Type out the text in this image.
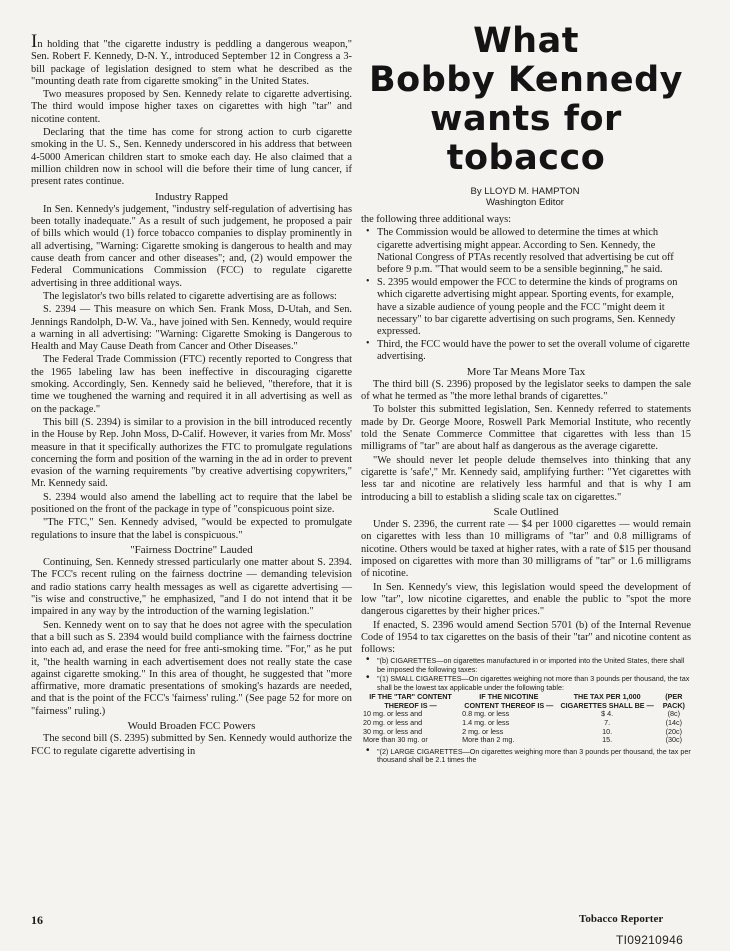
What
Bobby Kennedy
wants for
tobacco
By LLOYD M. HAMPTON
Washington Editor

In holding that "the cigarette industry is peddling a dangerous weapon," Sen. Robert F. Kennedy, D-N. Y., introduced September 12 in Congress a 3-bill package of legislation designed to stem what he described as the "mounting death rate from cigarette smoking" in the United States.

Two measures proposed by Sen. Kennedy relate to cigarette advertising. The third would impose higher taxes on cigarettes with high "tar" and nicotine content.

Declaring that the time has come for strong action to curb cigarette smoking in the U. S., Sen. Kennedy underscored in his address that between 4-5000 American children start to smoke each day. He also claimed that a million children now in school will die before their time of lung cancer, if present rates continue.

Industry Rapped

In Sen. Kennedy's judgement, "industry self-regulation of advertising has been totally inadequate." As a result of such judgement, he proposed a pair of bills which would (1) force tobacco companies to display prominently in all advertising, "Warning: Cigarette smoking is dangerous to health and may cause death from cancer and other diseases"; and, (2) would empower the Federal Communications Commission (FCC) to regulate cigarette advertising in three additional ways.

The legislator's two bills related to cigarette advertising are as follows:

S. 2394 — This measure on which Sen. Frank Moss, D-Utah, and Sen. Jennings Randolph, D-W. Va., have joined with Sen. Kennedy, would require a warning in all advertising: "Warning: Cigarette Smoking is Dangerous to Health and May Cause Death from Cancer and Other Diseases."

The Federal Trade Commission (FTC) recently reported to Congress that the 1965 labeling law has been ineffective in discouraging cigarette smoking. Accordingly, Sen. Kennedy said he believed, "therefore, that it is time we toughened the warning and required it in all advertising as well as on the package."

This bill (S. 2394) is similar to a provision in the bill introduced recently in the House by Rep. John Moss, D-Calif. However, it varies from Mr. Moss' measure in that it specifically authorizes the FTC to promulgate regulations concerning the form and position of the warning in the ad in order to prevent evasion of the warning requirements "by creative advertising copywriters," Mr. Kennedy said.

S. 2394 would also amend the labelling act to require that the label be positioned on the front of the package in type of "conspicuous point size.

"The FTC," Sen. Kennedy advised, "would be expected to promulgate regulations to insure that the label is conspicuous."

"Fairness Doctrine" Lauded

Continuing, Sen. Kennedy stressed particularly one matter about S. 2394. The FCC's recent ruling on the fairness doctrine — demanding television and radio stations carry health messages as well as cigarette advertising — "is wise and constructive," he emphasized, "and I do not intend that it be impaired in any way by the introduction of the warning legislation."

Sen. Kennedy went on to say that he does not agree with the speculation that a bill such as S. 2394 would build compliance with the fairness doctrine into each ad, and erase the need for free anti-smoking time. "For," as he put it, "the health warning in each advertisement does not really state the case against cigarette smoking." In this area of thought, he suggested that "more affirmative, more dramatic presentations of smoking's hazards are needed, and that is the point of the FCC's 'fairness' ruling." (See page 52 for more on "fairness" ruling.)

Would Broaden FCC Powers

The second bill (S. 2395) submitted by Sen. Kennedy would authorize the FCC to regulate cigarette advertising in

the following three additional ways:

• The Commission would be allowed to determine the times at which cigarette advertising might appear. According to Sen. Kennedy, the National Congress of PTAs recently resolved that advertising be cut off before 9 p.m. "That would seem to be a sensible beginning," he said.
• S. 2395 would empower the FCC to determine the kinds of programs on which cigarette advertising might appear. Sporting events, for example, have a sizable audience of young people and the FCC "might deem it necessary" to bar cigarette advertising on such programs, Sen. Kennedy expressed.
• Third, the FCC would have the power to set the overall volume of cigarette advertising.
More Tar Means More Tax

The third bill (S. 2396) proposed by the legislator seeks to dampen the sale of what he termed as "the more lethal brands of cigarettes."

To bolster this submitted legislation, Sen. Kennedy referred to statements made by Dr. George Moore, Roswell Park Memorial Institute, who recently told the Senate Commerce Committee that cigarettes with less than 15 milligrams of "tar" are about half as dangerous as the average cigarette.

"We should never let people delude themselves into thinking that any cigarette is 'safe'," Mr. Kennedy said, amplifying further: "Yet cigarettes with less tar and nicotine are relatively less harmful and that is why I am introducing a bill to establish a sliding scale tax on cigarettes."

Scale Outlined

Under S. 2396, the current rate — $4 per 1000 cigarettes — would remain on cigarettes with less than 10 milligrams of "tar" and 0.8 milligrams of nicotine. Others would be taxed at higher rates, with a rate of $15 per thousand imposed on cigarettes with more than 30 milligrams of "tar" or 1.6 milligrams of nicotine.

In Sen. Kennedy's view, this legislation would speed the development of low "tar", low nicotine cigarettes, and enable the public to "spot the more dangerous cigarettes by their higher prices."

If enacted, S. 2396 would amend Section 5701 (b) of the Internal Revenue Code of 1954 to tax cigarettes on the basis of their "tar" and nicotine content as follows:

• "(b) CIGARETTES—on cigarettes manufactured in or imported into the United States, there shall be imposed the following taxes:
• "(1) SMALL CIGARETTES—On cigarettes weighing not more than 3 pounds per thousand, the tax shall be the lowest tax applicable under the following table:
IF THE "TAR" CONTENT THEREOF IS —	IF THE NICOTINE CONTENT THEREOF IS —	THE TAX PER 1,000 CIGARETTES SHALL BE —	(PER PACK)
10 mg. or less and	0.8 mg. or less	$ 4.	(8c)
20 mg. or less and	1.4 mg. or less	7.	(14c)
30 mg. or less and	2 mg. or less	10.	(20c)
More than 30 mg. or	More than 2 mg.	15.	(30c)
• "(2) LARGE CIGARETTES—On cigarettes weighing more than 3 pounds per thousand, the tax per thousand shall be 2.1 times the
16	Tobacco Reporter
TI09210946
